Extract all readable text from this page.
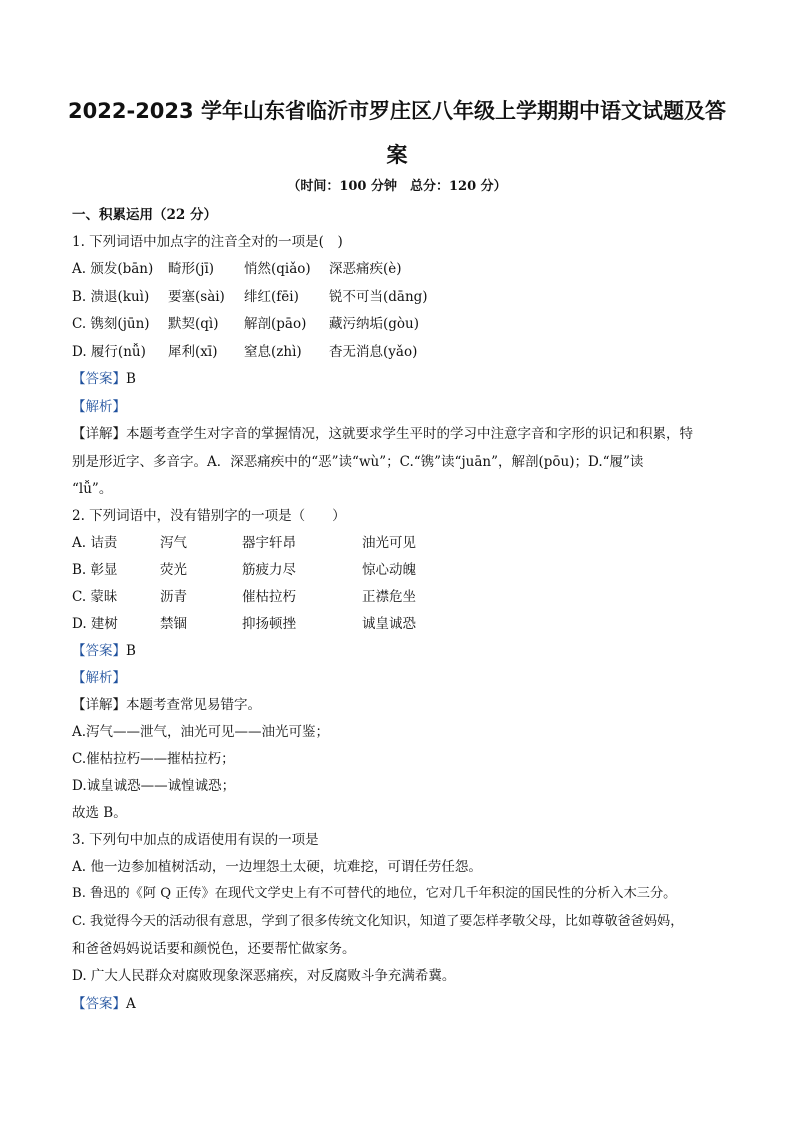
2022-2023 学年山东省临沂市罗庄区八年级上学期期中语文试题及答
案
（时间：100 分钟　总分：120 分）
一、积累运用（22 分）
1. 下列词语中加点字的注音全对的一项是(　)
A. 颁发(bān) 畸形(jī) 悄然(qiǎo) 深恶痛疾(è)
B. 溃退(kuì) 要塞(sài) 绯红(fēi) 锐不可当(dāng)
C. 镌刻(jūn) 默契(qì) 解剖(pāo) 藏污纳垢(gòu)
D. 履行(nǚ) 犀利(xī) 窒息(zhì) 杳无消息(yǎo)
【答案】B
【解析】
【详解】本题考查学生对字音的掌握情况，这就要求学生平时的学习中注意字音和字形的识记和积累，特
别是形近字、多音字。A．深恶痛疾中的“恶”读“wù”；C.“镌”读“juān”，解剖(pōu)；D.“履”读
“lǚ”。
2. 下列词语中，没有错别字的一项是（　　）
A. 诘责	泻气	器宇轩昂	油光可见
B. 彰显	荧光	筋疲力尽	惊心动魄
C. 蒙昧	沥青	催枯拉朽	正襟危坐
D. 建树	禁锢	抑扬顿挫	诚皇诚恐
【答案】B
【解析】
【详解】本题考查常见易错字。
A.泻气——泄气，油光可见——油光可鉴；
C.催枯拉朽——摧枯拉朽；
D.诚皇诚恐——诚惶诚恐；
故选 B。
3. 下列句中加点的成语使用有误的一项是
A. 他一边参加植树活动，一边埋怨土太硬，坑难挖，可谓任劳任怨。
B. 鲁迅的《阿 Q 正传》在现代文学史上有不可替代的地位，它对几千年积淀的国民性的分析入木三分。
C. 我觉得今天的活动很有意思，学到了很多传统文化知识，知道了要怎样孝敬父母，比如尊敬爸爸妈妈，
和爸爸妈妈说话要和颜悦色，还要帮忙做家务。
D. 广大人民群众对腐败现象深恶痛疾，对反腐败斗争充满希冀。
【答案】A
